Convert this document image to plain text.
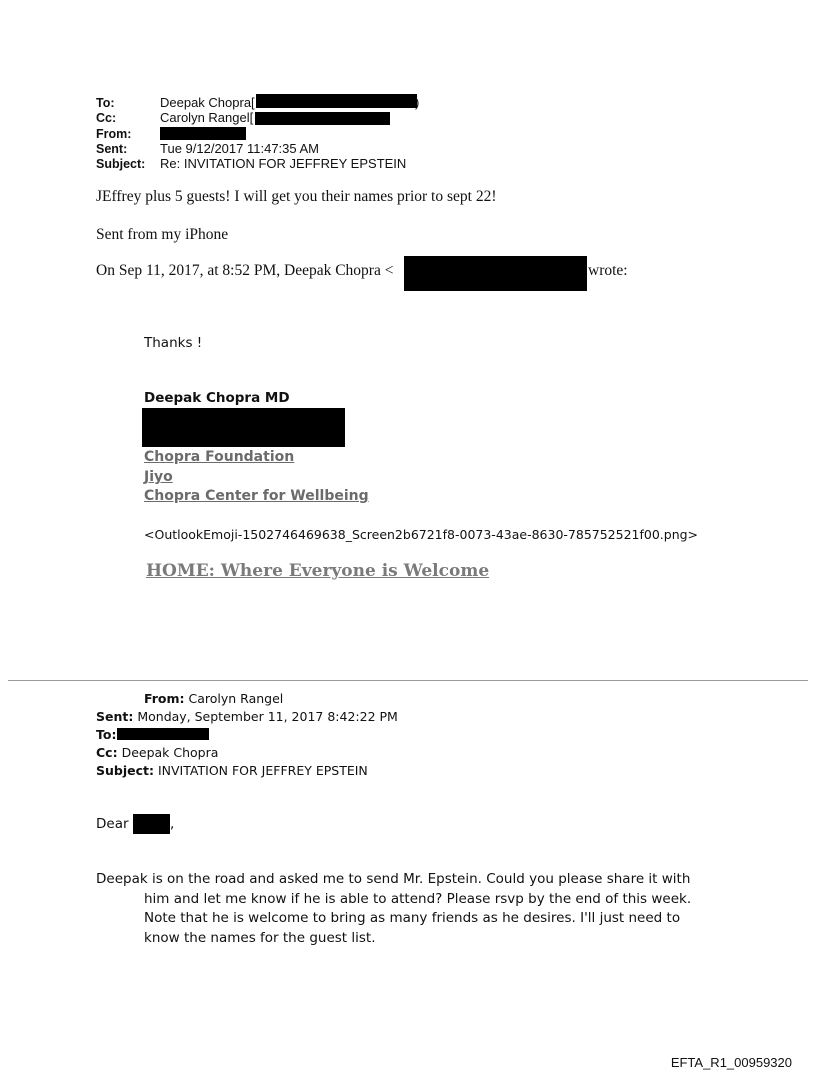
To:	Deepak Chopra[	)
Cc:	Carolyn Rangel[
From:
Sent:	Tue 9/12/2017 11:47:35 AM
Subject: Re: INVITATION FOR JEFFREY EPSTEIN
JEffrey plus 5 guests! I will get you their names prior to sept 22!
Sent from my iPhone
On Sep 11, 2017, at 8:52 PM, Deepak Chopra <	wrote:
Thanks !
Deepak Chopra MD
Chopra Foundation
Jiyo
Chopra Center for Wellbeing
<OutlookEmoji-1502746469638_Screen2b6721f8-0073-43ae-8630-785752521f00.png>
HOME: Where Everyone is Welcome
From: Carolyn Rangel
Sent: Monday, September 11, 2017 8:42:22 PM
To:
Cc: Deepak Chopra
Subject: INVITATION FOR JEFFREY EPSTEIN
Dear	,
Deepak is on the road and asked me to send Mr. Epstein. Could you please share it with
him and let me know if he is able to attend? Please rsvp by the end of this week.
Note that he is welcome to bring as many friends as he desires. I'll just need to
know the names for the guest list.
EFTA_R1_00959320
